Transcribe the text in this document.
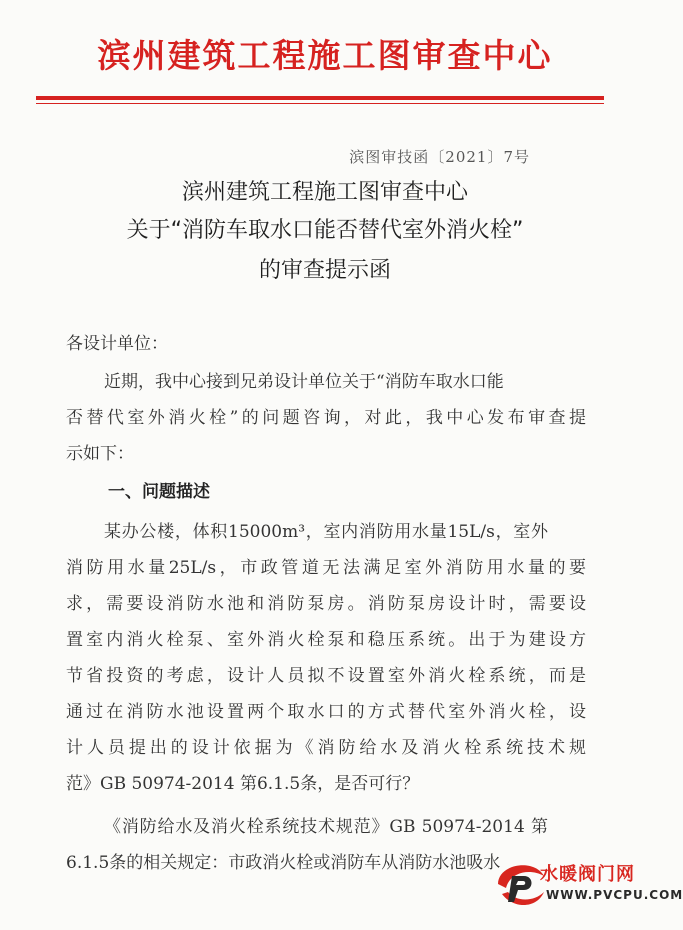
滨州建筑工程施工图审查中心
滨图审技函〔2021〕7号
滨州建筑工程施工图审查中心
关于“消防车取水口能否替代室外消火栓”
的审查提示函
各设计单位：
近期，我中心接到兄弟设计单位关于“消防车取水口能
否替代室外消火栓”的问题咨询，对此，我中心发布审查提
示如下：
一、问题描述
某办公楼，体积15000m³，室内消防用水量15L/s，室外
消防用水量25L/s，市政管道无法满足室外消防用水量的要
求，需要设消防水池和消防泵房。消防泵房设计时，需要设
置室内消火栓泵、室外消火栓泵和稳压系统。出于为建设方
节省投资的考虑，设计人员拟不设置室外消火栓系统，而是
通过在消防水池设置两个取水口的方式替代室外消火栓，设
计人员提出的设计依据为《消防给水及消火栓系统技术规
范》GB 50974-2014 第6.1.5条，是否可行？
《消防给水及消火栓系统技术规范》GB 50974-2014 第
6.1.5条的相关规定：市政消火栓或消防车从消防水池吸水
水暖阀门网
WWW.PVCPU.COM
